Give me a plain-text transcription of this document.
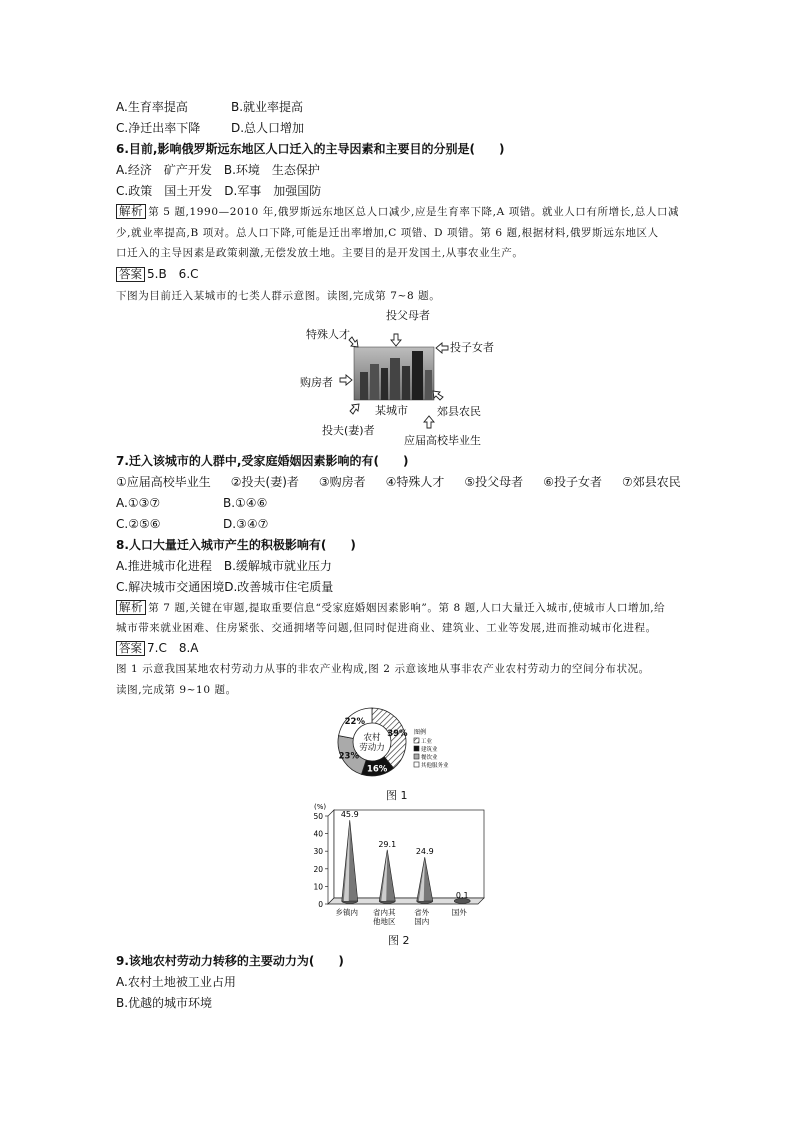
A.生育率提高	B.就业率提高
C.净迁出率下降	D.总人口增加
6.目前,影响俄罗斯远东地区人口迁入的主导因素和主要目的分别是(　　)
A.经济　矿产开发　 B.环境　生态保护
C.政策　国土开发　 D.军事　加强国防
解析 第 5 题,1990—2010 年,俄罗斯远东地区总人口减少,应是生育率下降,A 项错。就业人口有所增长,总人口减
少,就业率提高,B 项对。总人口下降,可能是迁出率增加,C 项错、D 项错。第 6 题,根据材料,俄罗斯远东地区人
口迁入的主导因素是政策刺激,无偿发放土地。主要目的是开发国土,从事农业生产。
答案 5.B　6.C
下图为目前迁入某城市的七类人群示意图。读图,完成第 7~8 题。
投父母者
投子女者
郊县农民
应届高校毕业生
投夫(妻)者
购房者
特殊人才
某城市
7.迁入该城市的人群中,受家庭婚姻因素影响的有(　　)
①应届高校毕业生 ②投夫(妻)者 ③购房者 ④特殊人才 ⑤投父母者 ⑥投子女者 ⑦郊县农民
A.①③⑦	B.①④⑥
C.②⑤⑥	D.③④⑦
8.人口大量迁入城市产生的积极影响有(　　)
A.推进城市化进程　 B.缓解城市就业压力
C.解决城市交通困境D.改善城市住宅质量
解析 第 7 题,关键在审题,提取重要信息“受家庭婚姻因素影响”。第 8 题,人口大量迁入城市,使城市人口增加,给
城市带来就业困难、住房紧张、交通拥堵等问题,但同时促进商业、建筑业、工业等发展,进而推动城市化进程。
答案 7.C　8.A
图 1 示意我国某地农村劳动力从事的非农产业构成,图 2 示意该地从事非农产业农村劳动力的空间分布状况。
读图,完成第 9~10 题。
农村
劳动力
39%
16%
23%
22%
图例
工业
建筑业
餐饮业
其他服务业
图 1
(%)
0
10
20
30
40
50 45.9
乡镇内
29.1
省内其
他地区
24.9
省外
国内
0.1
国外
图 2
9.该地农村劳动力转移的主要动力为(　　)
A.农村土地被工业占用
B.优越的城市环境
